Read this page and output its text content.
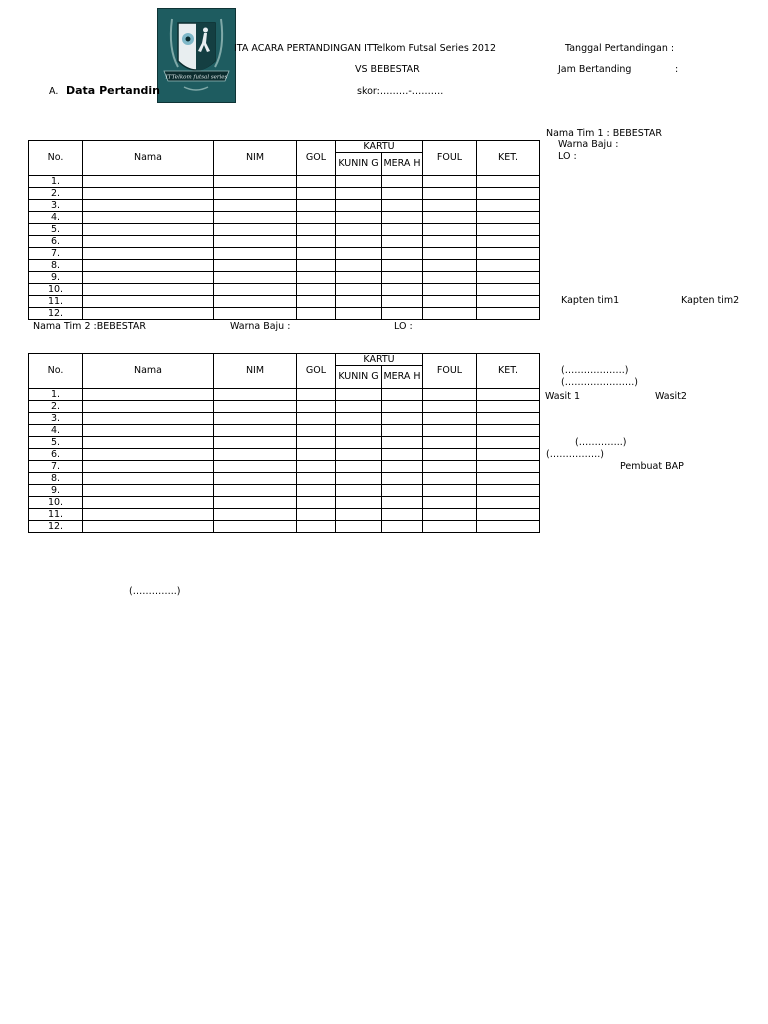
ITTelkom futsal series
ITA ACARA PERTANDINGAN ITTelkom Futsal Series 2012	Tanggal Pertandingan :
VS BEBESTAR	Jam Bertanding	:
A. Data Pertandin	skor:………-……….
Nama Tim 1 : BEBESTAR
Warna Baju :
LO :
No.	Nama	NIM	GOL	KARTU		FOUL	KET.
				KUNIN G	MERA H		
1.							
2.							
3.							
4.							
5.							
6.							
7.							
8.							
9.							
10.							
11.							
12.							
Nama Tim 2 :BEBESTAR	Warna Baju :	LO :
No.	Nama	NIM	GOL	KARTU		FOUL	KET.
				KUNIN G	MERA H		
1.							
2.							
3.							
4.							
5.							
6.							
7.							
8.							
9.							
10.							
11.							
12.							
Kapten tim1	Kapten tim2
(……………….)
(………………….)
Wasit 1	Wasit2
(…………..)
(…………….)
Pembuat BAP
(…………..)
